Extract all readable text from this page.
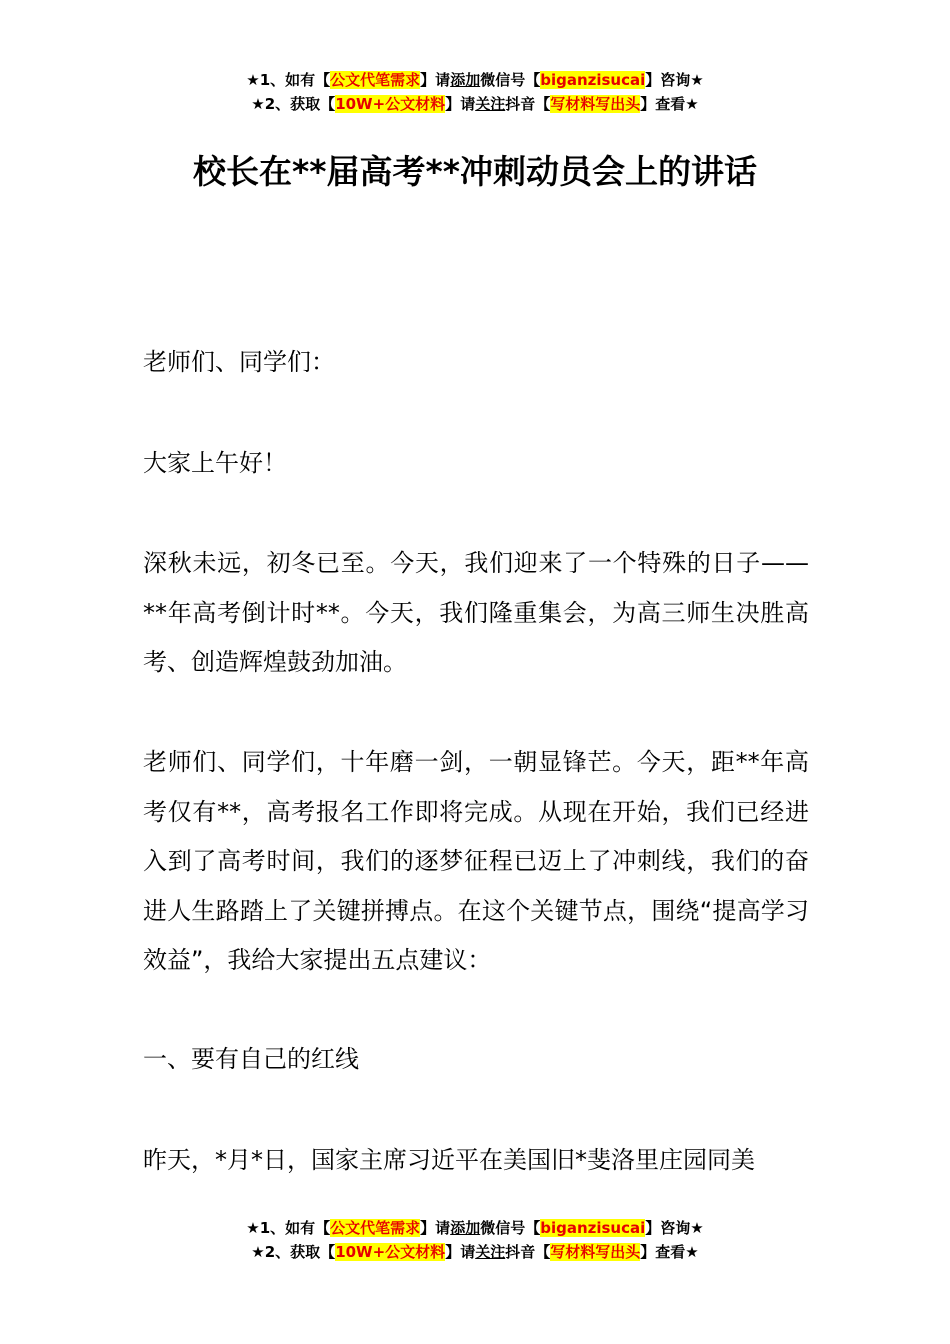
★1、如有【公文代笔需求】请添加微信号【biganzisucai】咨询★
★2、获取【10W+公文材料】请关注抖音【写材料写出头】查看★
校长在**届高考**冲刺动员会上的讲话

老师们、同学们：

大家上午好！

深秋未远，初冬已至。今天，我们迎来了一个特殊的日子——**年高考倒计时**。今天，我们隆重集会，为高三师生决胜高考、创造辉煌鼓劲加油。

老师们、同学们，十年磨一剑，一朝显锋芒。今天，距**年高考仅有**，高考报名工作即将完成。从现在开始，我们已经进入到了高考时间，我们的逐梦征程已迈上了冲刺线，我们的奋进人生路踏上了关键拼搏点。在这个关键节点，围绕“提高学习效益”，我给大家提出五点建议：

一、要有自己的红线

昨天，*月*日，国家主席习近平在美国旧*斐洛里庄园同美

★1、如有【公文代笔需求】请添加微信号【biganzisucai】咨询★
★2、获取【10W+公文材料】请关注抖音【写材料写出头】查看★
